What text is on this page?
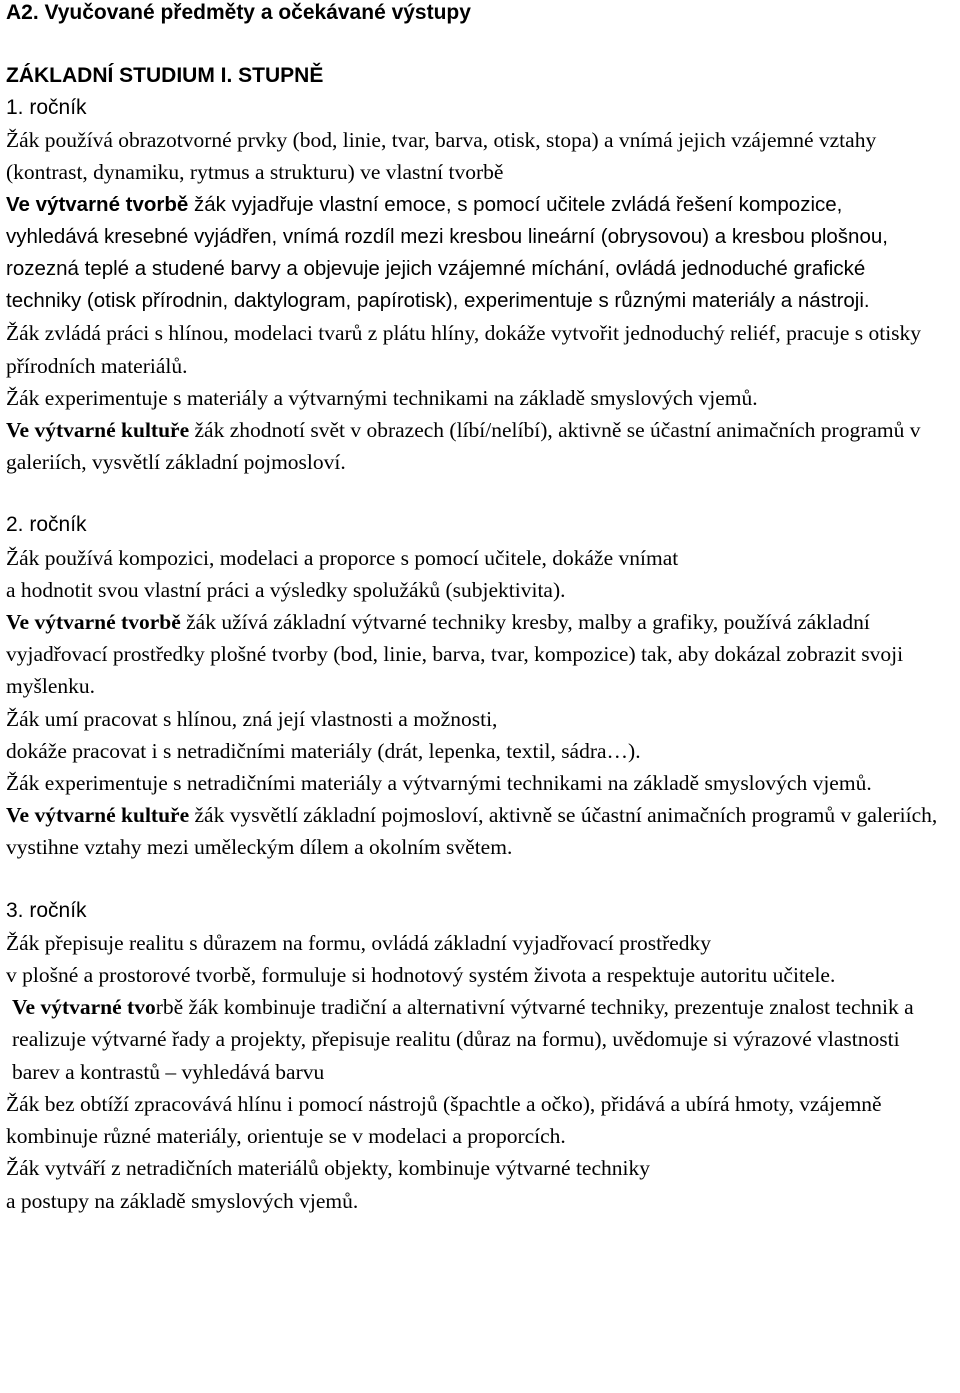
A2. Vyučované předměty a očekávané výstupy
ZÁKLADNÍ STUDIUM I. STUPNĚ

1. ročník

Žák používá obrazotvorné prvky (bod, linie, tvar, barva, otisk, stopa) a vnímá jejich vzájemné vztahy (kontrast, dynamiku, rytmus a strukturu) ve vlastní tvorbě

Ve výtvarné tvorbě žák vyjadřuje vlastní emoce, s pomocí učitele zvládá řešení kompozice, vyhledává kresebné vyjádřen, vnímá rozdíl mezi kresbou lineární (obrysovou) a kresbou plošnou, rozezná teplé a studené barvy a objevuje jejich vzájemné míchání, ovládá jednoduché grafické techniky (otisk přírodnin, daktylogram, papírotisk), experimentuje s různými materiály a nástroji.

Žák zvládá práci s hlínou, modelaci tvarů z plátu hlíny, dokáže vytvořit jednoduchý reliéf, pracuje s otisky přírodních materiálů.

Žák experimentuje s materiály a výtvarnými technikami na základě smyslových vjemů.

Ve výtvarné kultuře žák zhodnotí svět v obrazech (líbí/nelíbí), aktivně se účastní animačních programů v galeriích, vysvětlí základní pojmosloví.

2. ročník

Žák používá kompozici, modelaci a proporce s pomocí učitele, dokáže vnímat

a hodnotit svou vlastní práci a výsledky spolužáků (subjektivita).

Ve výtvarné tvorbě žák užívá základní výtvarné techniky kresby, malby a grafiky, používá základní vyjadřovací prostředky plošné tvorby (bod, linie, barva, tvar, kompozice) tak, aby dokázal zobrazit svoji myšlenku.

Žák umí pracovat s hlínou, zná její vlastnosti a možnosti,

dokáže pracovat i s netradičními materiály (drát, lepenka, textil, sádra…).

Žák experimentuje s netradičními materiály a výtvarnými technikami na základě smyslových vjemů.

Ve výtvarné kultuře žák vysvětlí základní pojmosloví, aktivně se účastní animačních programů v galeriích, vystihne vztahy mezi uměleckým dílem a okolním světem.

3. ročník

Žák přepisuje realitu s důrazem na formu, ovládá základní vyjadřovací prostředky

v plošné a prostorové tvorbě, formuluje si hodnotový systém života a respektuje autoritu učitele.

Ve výtvarné tvorbě žák kombinuje tradiční a alternativní výtvarné techniky, prezentuje znalost technik a realizuje výtvarné řady a projekty, přepisuje realitu (důraz na formu), uvědomuje si výrazové vlastnosti barev a kontrastů – vyhledává barvu

Žák bez obtíží zpracovává hlínu i pomocí nástrojů (špachtle a očko), přidává a ubírá hmoty, vzájemně kombinuje různé materiály, orientuje se v modelaci a proporcích.

Žák vytváří z netradičních materiálů objekty, kombinuje výtvarné techniky

a postupy na základě smyslových vjemů.
